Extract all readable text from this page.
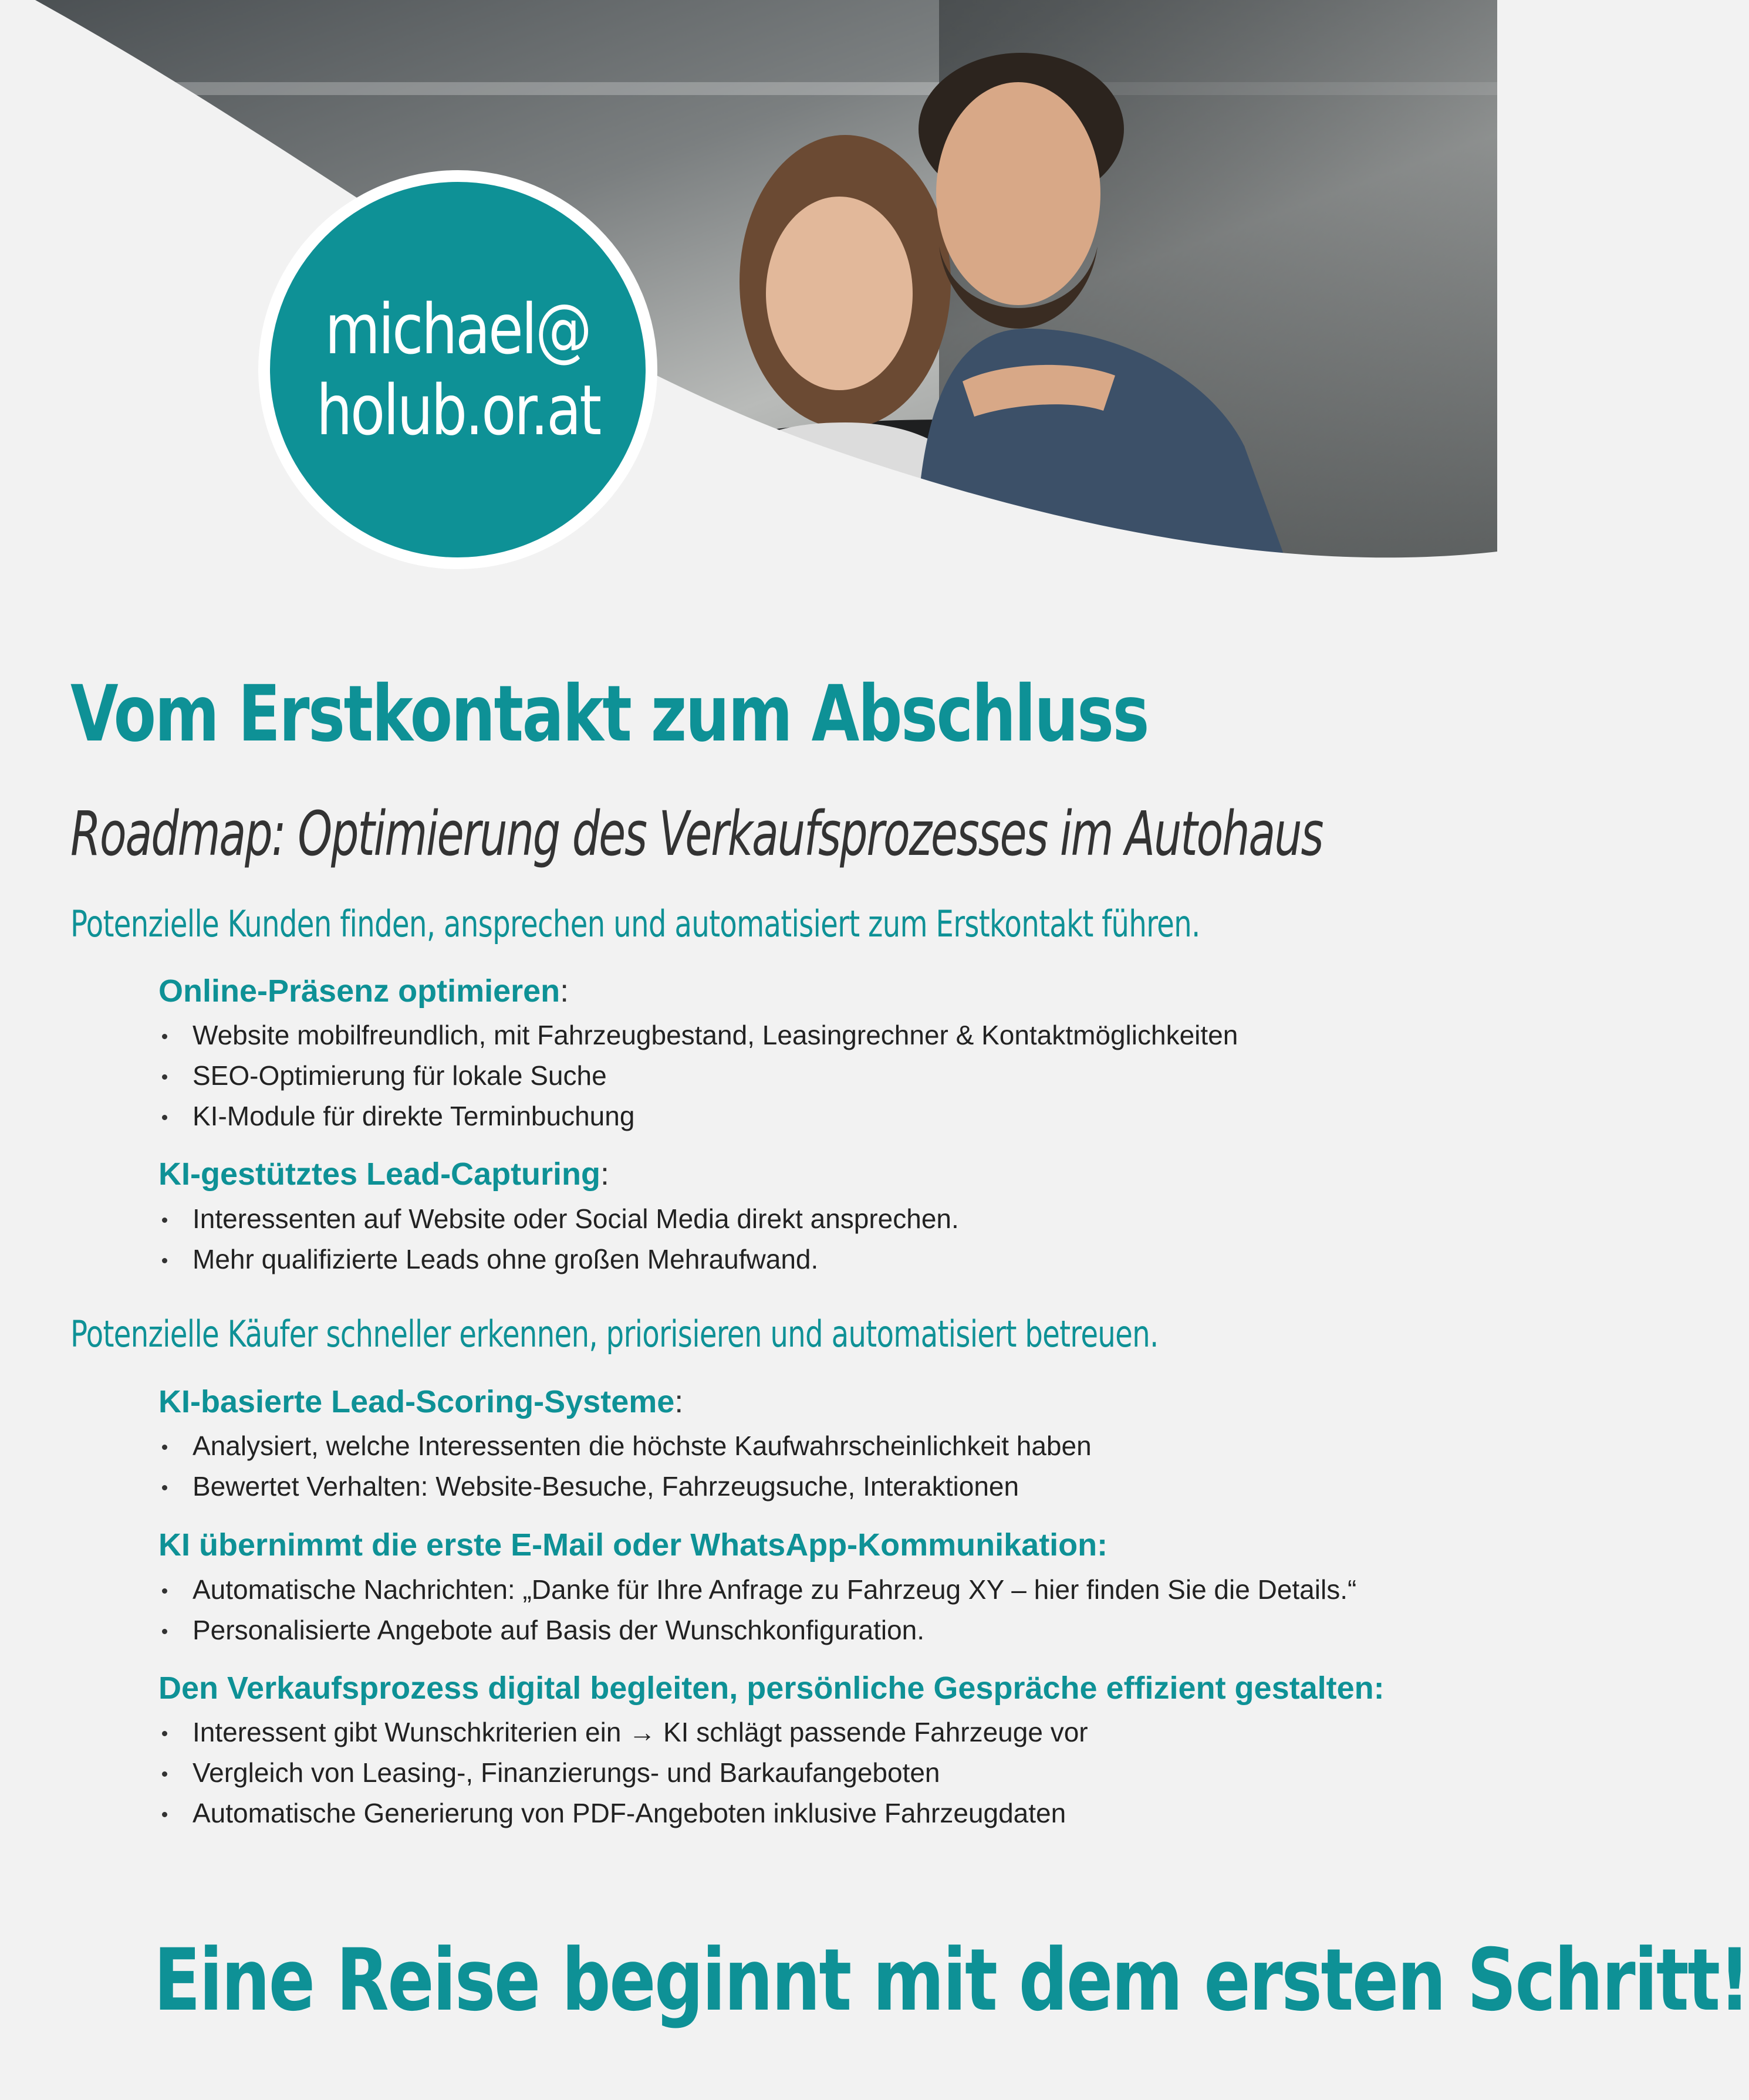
michael@
holub.or.at
Vom Erstkontakt zum Abschluss
Roadmap: Optimierung des Verkaufsprozesses im Autohaus
Potenzielle Kunden finden, ansprechen und automatisiert zum Erstkontakt führen.
Online-Präsenz optimieren:
Website mobilfreundlich, mit Fahrzeugbestand, Leasingrechner & Kontaktmöglichkeiten
SEO-Optimierung für lokale Suche
KI-Module für direkte Terminbuchung
KI-gestütztes Lead-Capturing:
Interessenten auf Website oder Social Media direkt ansprechen.
Mehr qualifizierte Leads ohne großen Mehraufwand.
Potenzielle Käufer schneller erkennen, priorisieren und automatisiert betreuen.
KI-basierte Lead-Scoring-Systeme:
Analysiert, welche Interessenten die höchste Kaufwahrscheinlichkeit haben
Bewertet Verhalten: Website-Besuche, Fahrzeugsuche, Interaktionen
KI übernimmt die erste E-Mail oder WhatsApp-Kommunikation:
Automatische Nachrichten: „Danke für Ihre Anfrage zu Fahrzeug XY – hier finden Sie die Details.“
Personalisierte Angebote auf Basis der Wunschkonfiguration.
Den Verkaufsprozess digital begleiten, persönliche Gespräche effizient gestalten:
Interessent gibt Wunschkriterien ein → KI schlägt passende Fahrzeuge vor
Vergleich von Leasing-, Finanzierungs- und Barkaufangeboten
Automatische Generierung von PDF-Angeboten inklusive Fahrzeugdaten
Eine Reise beginnt mit dem ersten Schritt!
